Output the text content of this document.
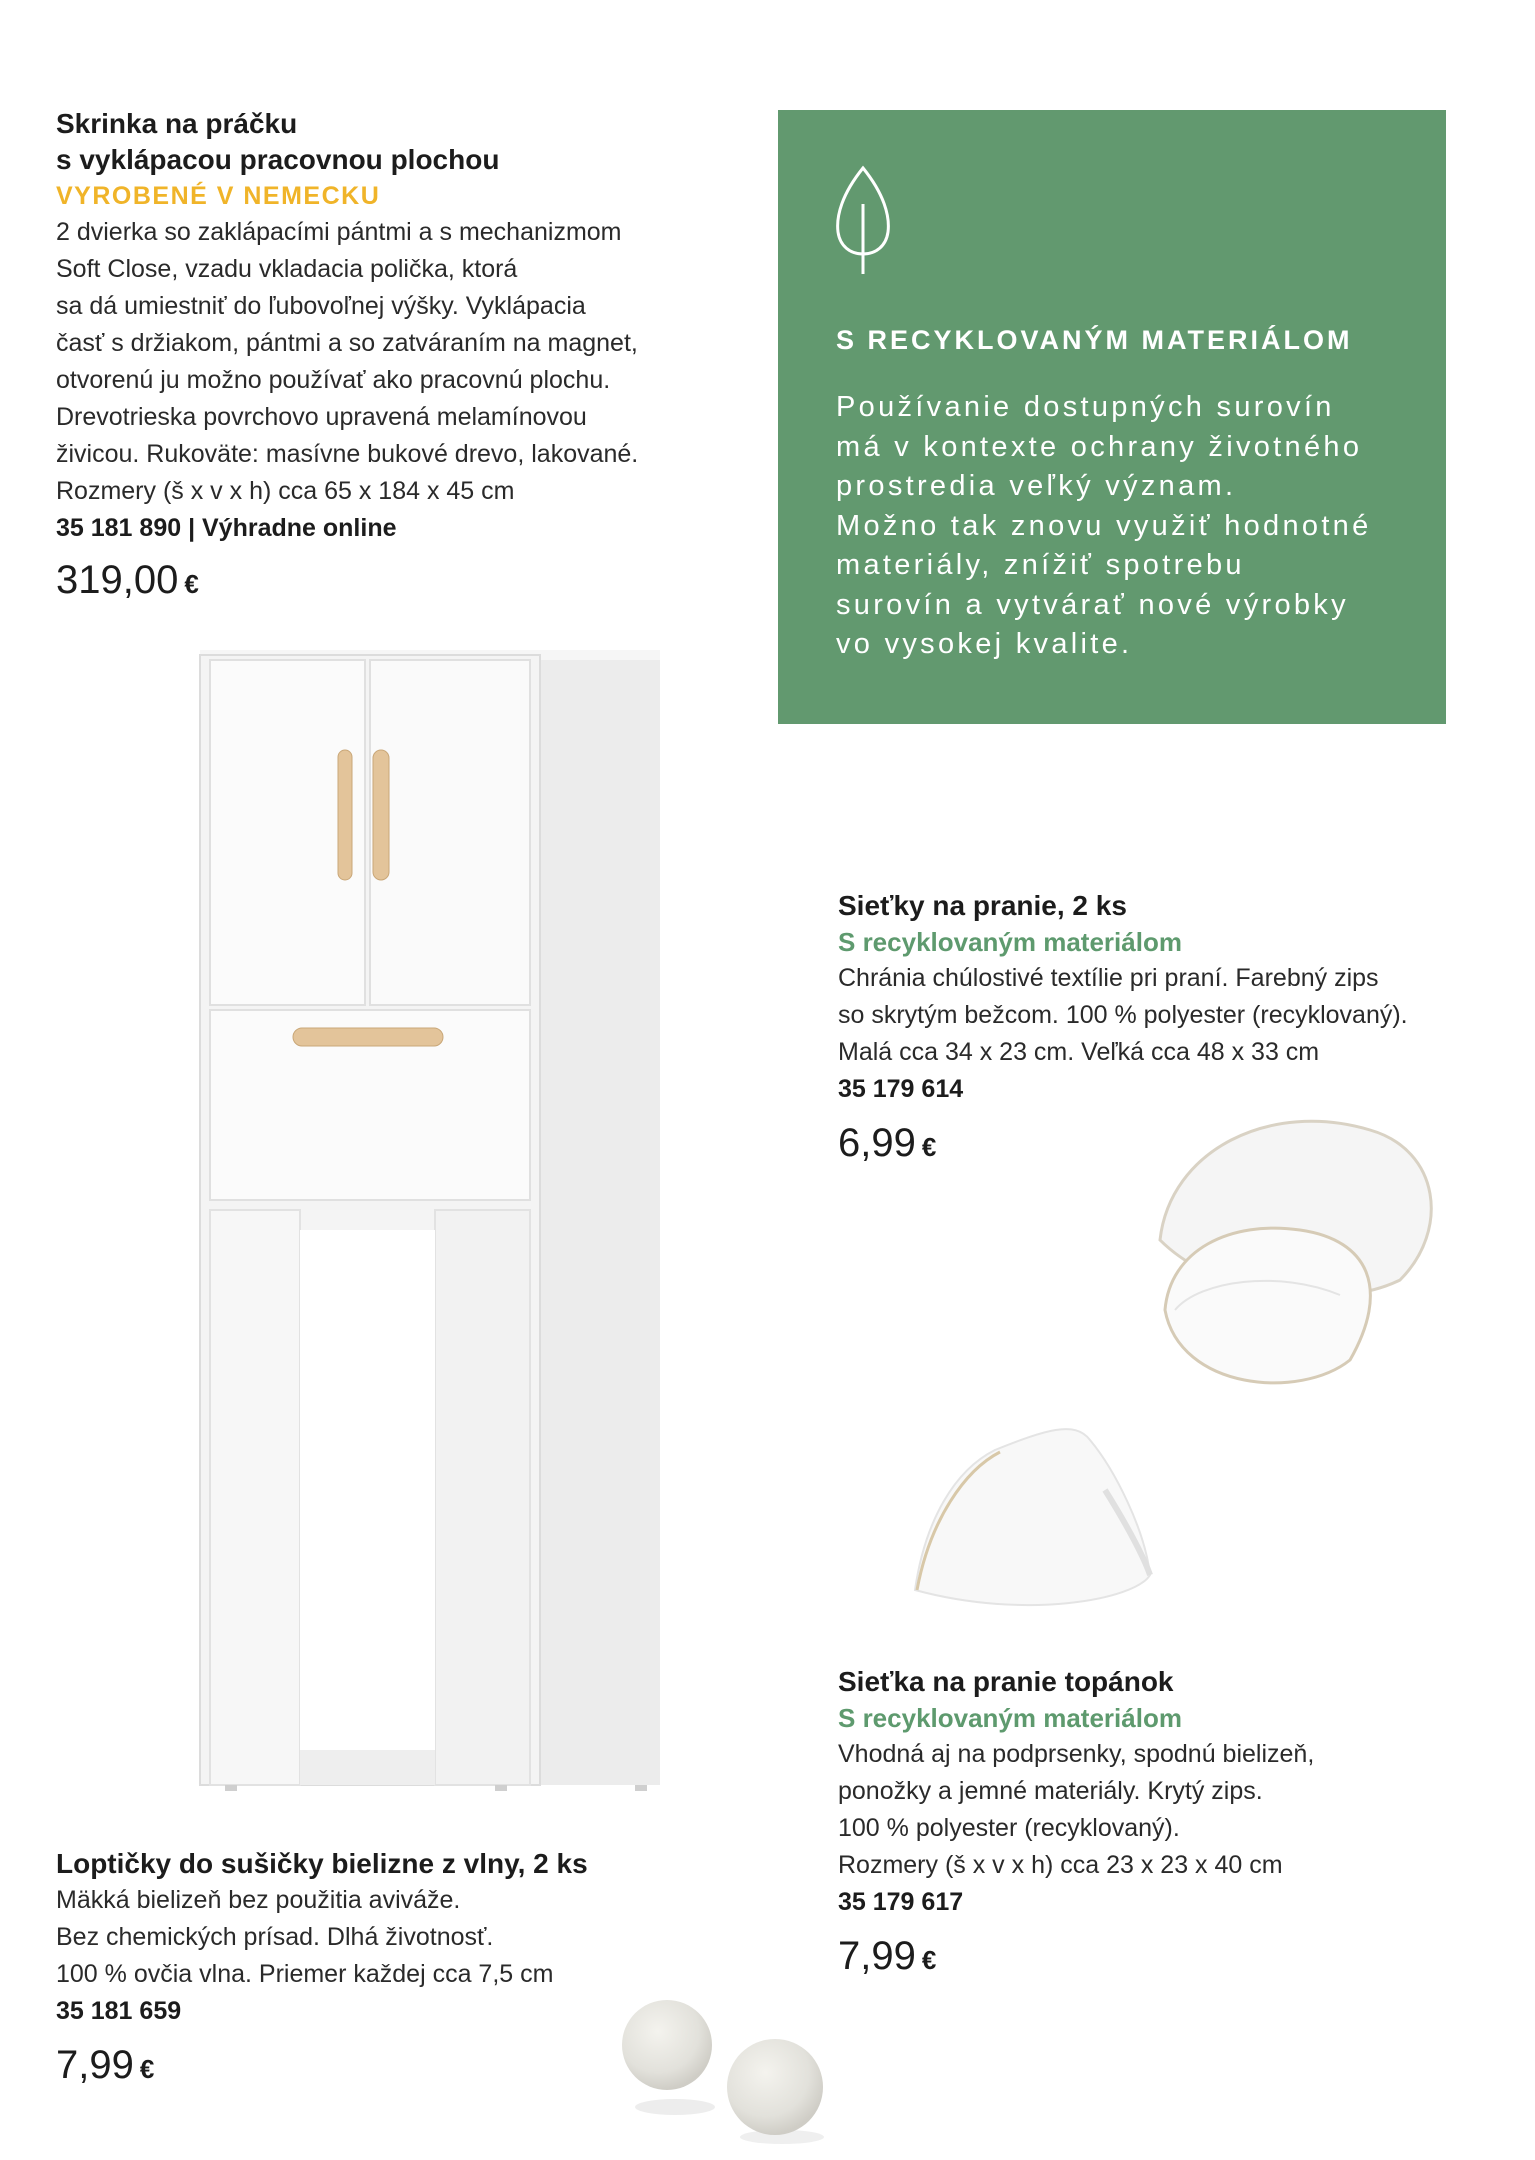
Skrinka na práčku
s vyklápacou pracovnou plochou
VYROBENÉ V NEMECKU
2 dvierka so zaklápacími pántmi a s mechanizmom
Soft Close, vzadu vkladacia polička, ktorá
sa dá umiestniť do ľubovoľnej výšky. Vyklápacia
časť s držiakom, pántmi a so zatváraním na magnet,
otvorenú ju možno používať ako pracovnú plochu.
Drevotrieska povrchovo upravená melamínovou
živicou. Rukoväte: masívne bukové drevo, lakované.
Rozmery (š x v x h) cca 65 x 184 x 45 cm
35 181 890 | Výhradne online
319,00 €
S RECYKLOVANÝM MATERIÁLOM
Používanie dostupných surovín
má v kontexte ochrany životného
prostredia veľký význam.
Možno tak znovu využiť hodnotné
materiály, znížiť spotrebu
surovín a vytvárať nové výrobky
vo vysokej kvalite.
Sieťky na pranie, 2 ks
S recyklovaným materiálom
Chránia chúlostivé textílie pri praní. Farebný zips
so skrytým bežcom. 100 % polyester (recyklovaný).
Malá cca 34 x 23 cm. Veľká cca 48 x 33 cm
35 179 614
6,99 €
Sieťka na pranie topánok
S recyklovaným materiálom
Vhodná aj na podprsenky, spodnú bielizeň,
ponožky a jemné materiály. Krytý zips.
100 % polyester (recyklovaný).
Rozmery (š x v x h) cca 23 x 23 x 40 cm
35 179 617
7,99 €
Loptičky do sušičky bielizne z vlny, 2 ks
Mäkká bielizeň bez použitia aviváže.
Bez chemických prísad. Dlhá životnosť.
100 % ovčia vlna. Priemer každej cca 7,5 cm
35 181 659
7,99 €
